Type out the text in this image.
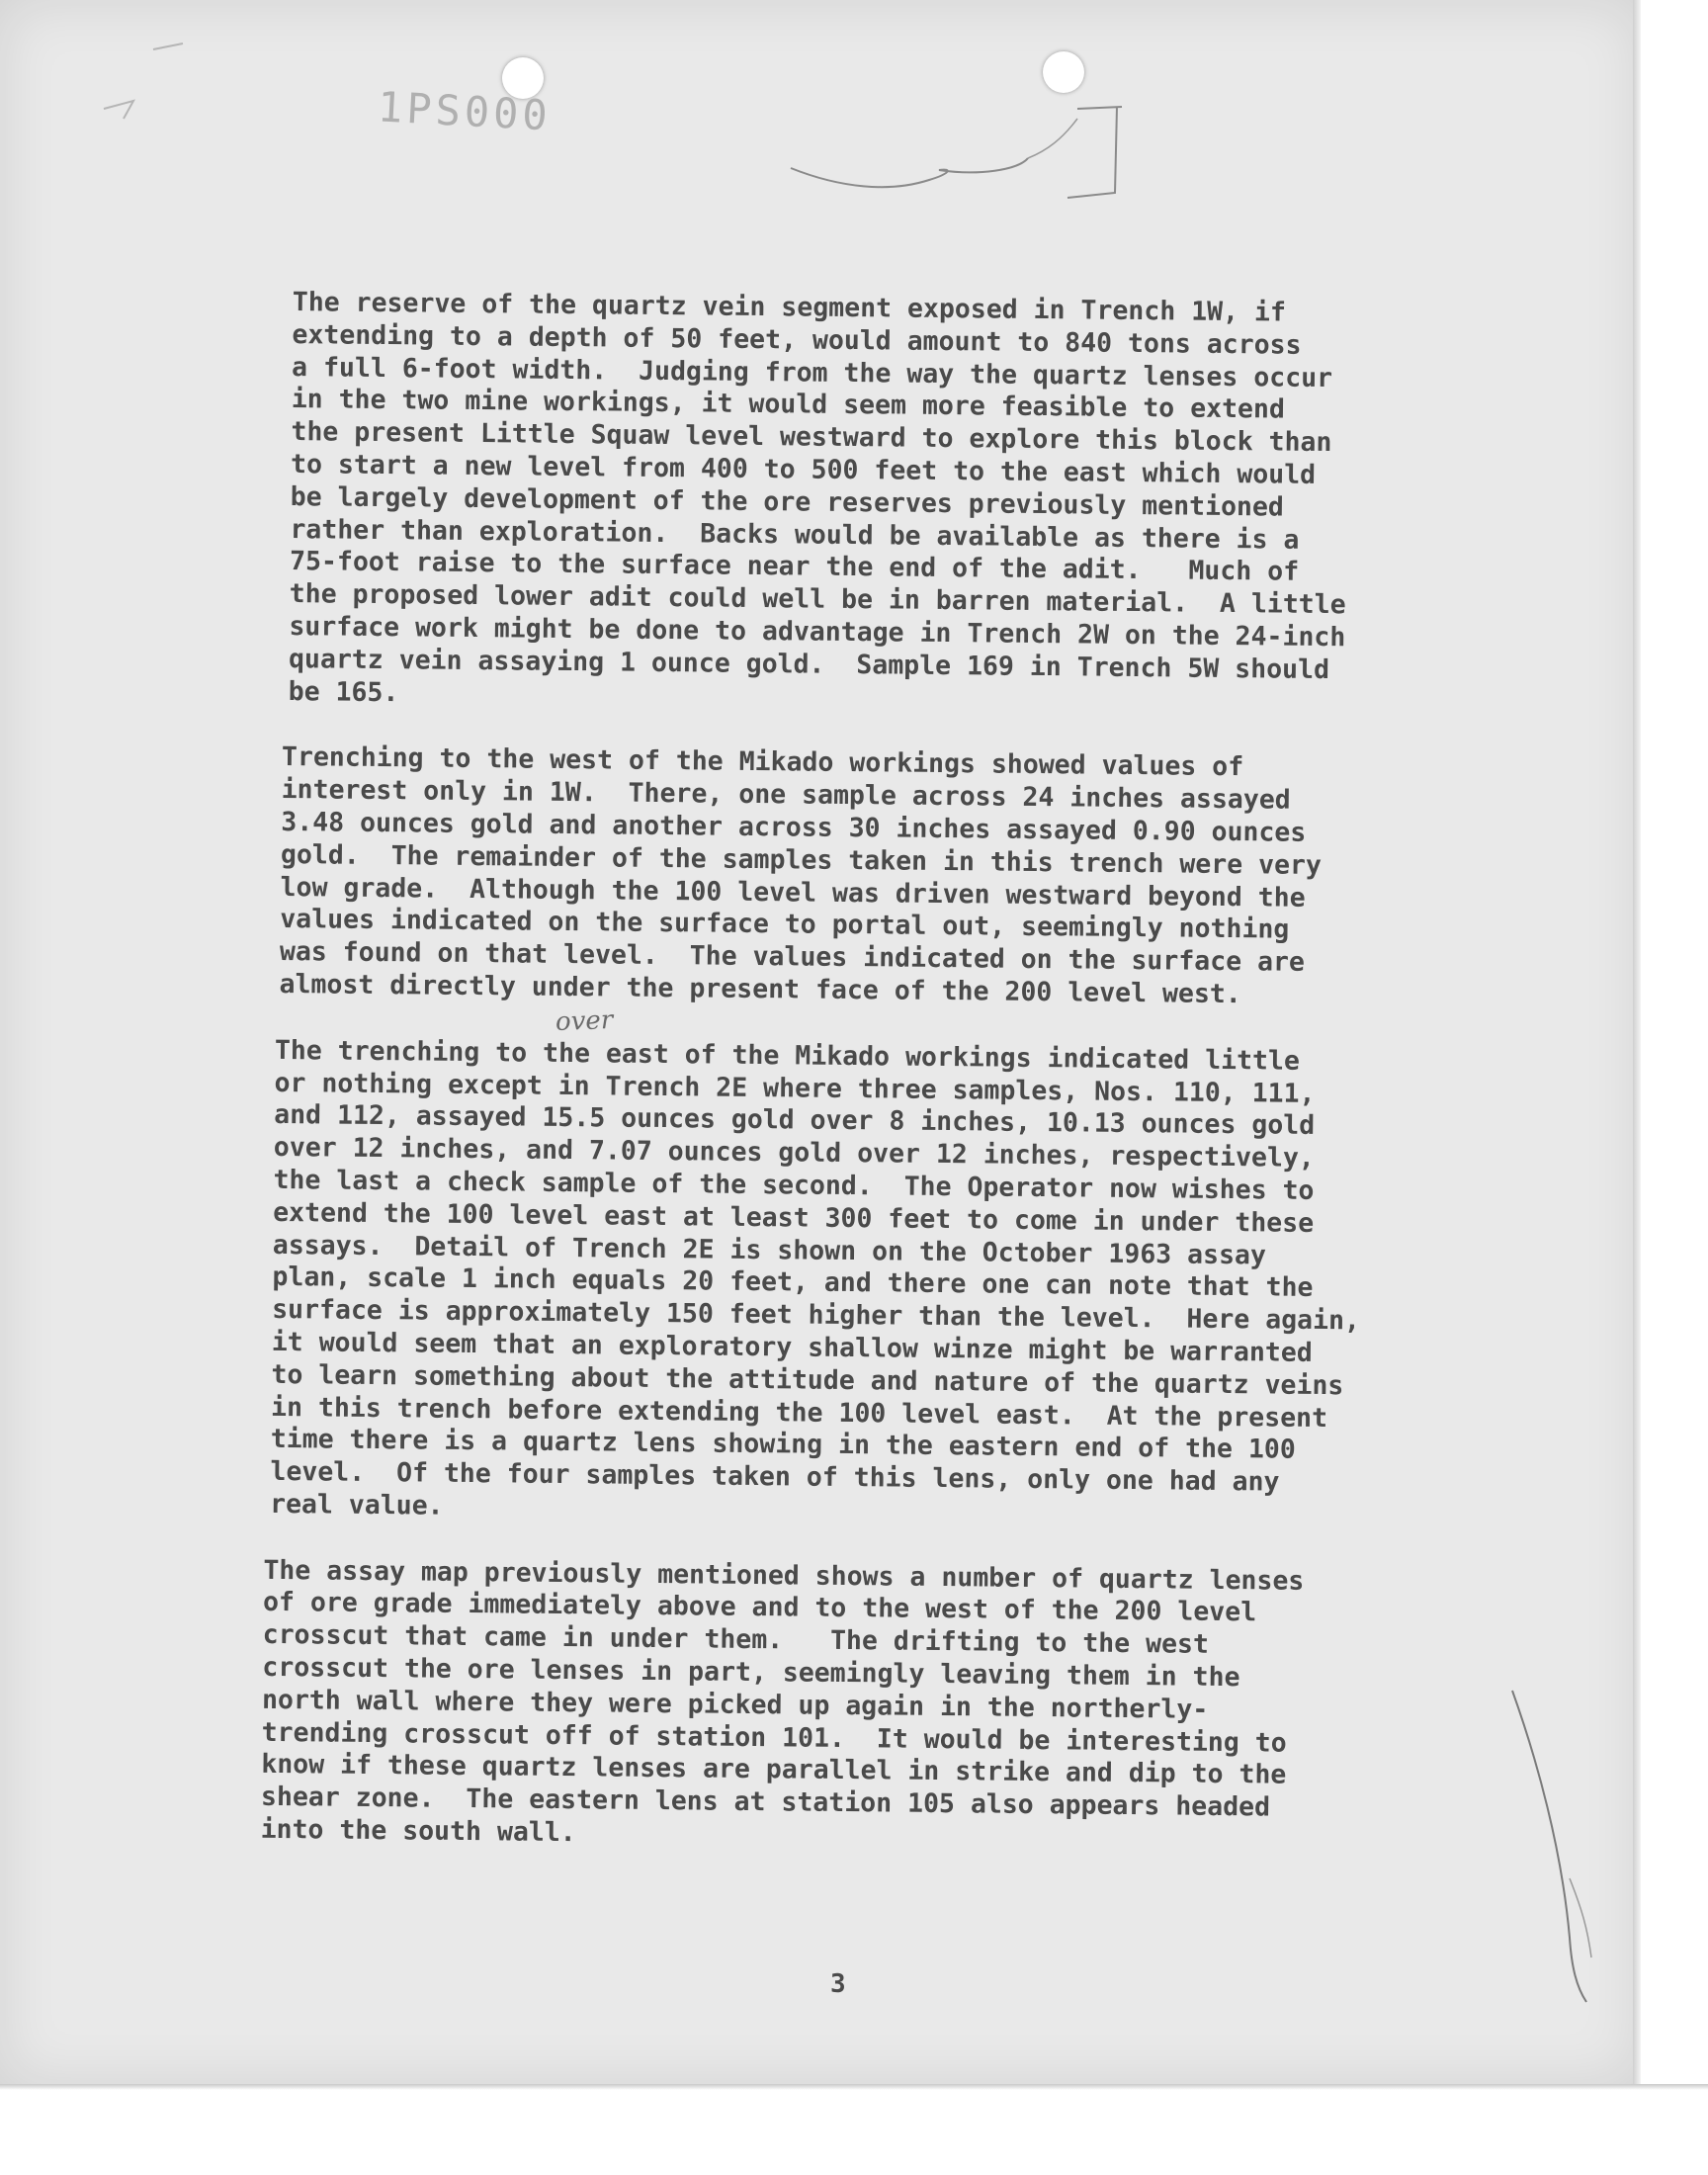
1PS000

The reserve of the quartz vein segment exposed in Trench 1W, if
extending to a depth of 50 feet, would amount to 840 tons across
a full 6-foot width.  Judging from the way the quartz lenses occur
in the two mine workings, it would seem more feasible to extend
the present Little Squaw level westward to explore this block than
to start a new level from 400 to 500 feet to the east which would
be largely development of the ore reserves previously mentioned
rather than exploration.  Backs would be available as there is a
75-foot raise to the surface near the end of the adit.   Much of
the proposed lower adit could well be in barren material.  A little
surface work might be done to advantage in Trench 2W on the 24-inch
quartz vein assaying 1 ounce gold.  Sample 169 in Trench 5W should
be 165.

Trenching to the west of the Mikado workings showed values of
interest only in 1W.  There, one sample across 24 inches assayed
3.48 ounces gold and another across 30 inches assayed 0.90 ounces
gold.  The remainder of the samples taken in this trench were very
low grade.  Although the 100 level was driven westward beyond the
values indicated on the surface to portal out, seemingly nothing
was found on that level.  The values indicated on the surface are
almost directly under the present face of the 200 level west.

The trenching to the east of the Mikado workings indicated little
or nothing except in Trench 2E where three samples, Nos. 110, 111,
and 112, assayed 15.5 ounces gold over 8 inches, 10.13 ounces gold
over 12 inches, and 7.07 ounces gold over 12 inches, respectively,
the last a check sample of the second.  The Operator now wishes to
extend the 100 level east at least 300 feet to come in under these
assays.  Detail of Trench 2E is shown on the October 1963 assay
plan, scale 1 inch equals 20 feet, and there one can note that the
surface is approximately 150 feet higher than the level.  Here again,
it would seem that an exploratory shallow winze might be warranted
to learn something about the attitude and nature of the quartz veins
in this trench before extending the 100 level east.  At the present
time there is a quartz lens showing in the eastern end of the 100
level.  Of the four samples taken of this lens, only one had any
real value.

The assay map previously mentioned shows a number of quartz lenses
of ore grade immediately above and to the west of the 200 level
crosscut that came in under them.   The drifting to the west
crosscut the ore lenses in part, seemingly leaving them in the
north wall where they were picked up again in the northerly-
trending crosscut off of station 101.  It would be interesting to
know if these quartz lenses are parallel in strike and dip to the
shear zone.  The eastern lens at station 105 also appears headed
into the south wall.

over
3
